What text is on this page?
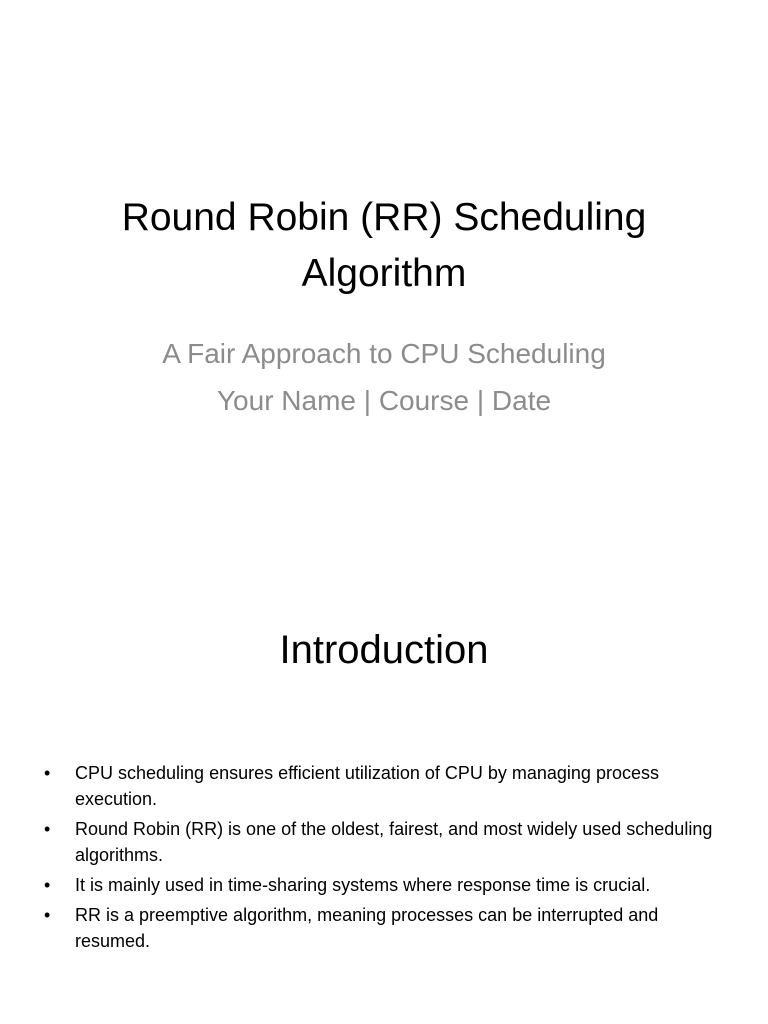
Round Robin (RR) Scheduling
Algorithm
A Fair Approach to CPU Scheduling
Your Name | Course | Date
Introduction
• CPU scheduling ensures efficient utilization of CPU by managing process execution.
• Round Robin (RR) is one of the oldest, fairest, and most widely used scheduling algorithms.
• It is mainly used in time-sharing systems where response time is crucial.
• RR is a preemptive algorithm, meaning processes can be interrupted and resumed.
